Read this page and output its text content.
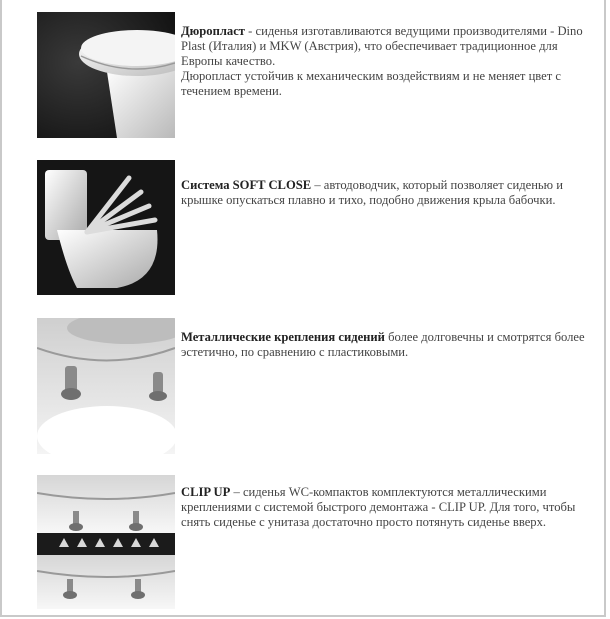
Дюропласт - сиденья изготавливаются ведущими производителями - Dino Plast (Италия) и MKW (Австрия), что обеспечивает традиционное для Европы качество.

Дюропласт устойчив к механическим воздействиям и не меняет цвет с течением времени.

Система SOFT CLOSE – автодоводчик, который позволяет сиденью и крышке опускаться плавно и тихо, подобно движения крыла бабочки.

Металлические крепления сидений более долговечны и смотрятся более эстетично, по сравнению с пластиковыми.

CLIP UP – сиденья WC-компактов комплектуются металлическими креплениями с системой быстрого демонтажа - CLIP UP. Для того, чтобы снять сиденье с унитаза достаточно просто потянуть сиденье вверх.
